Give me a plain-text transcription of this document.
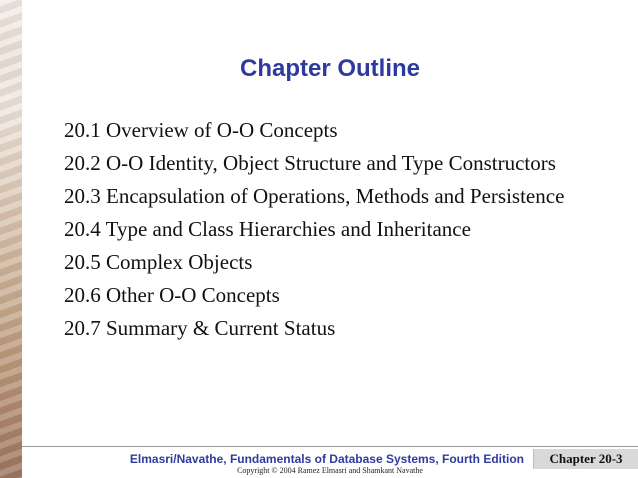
Chapter Outline
20.1 Overview of O-O Concepts
20.2 O-O Identity, Object Structure and Type Constructors
20.3 Encapsulation of Operations, Methods and Persistence
20.4 Type and Class Hierarchies and Inheritance
20.5 Complex Objects
20.6 Other O-O Concepts
20.7 Summary & Current Status
Elmasri/Navathe, Fundamentals of Database Systems, Fourth Edition	Chapter 20-3
Copyright © 2004 Ramez Elmasri and Shamkant Navathe
